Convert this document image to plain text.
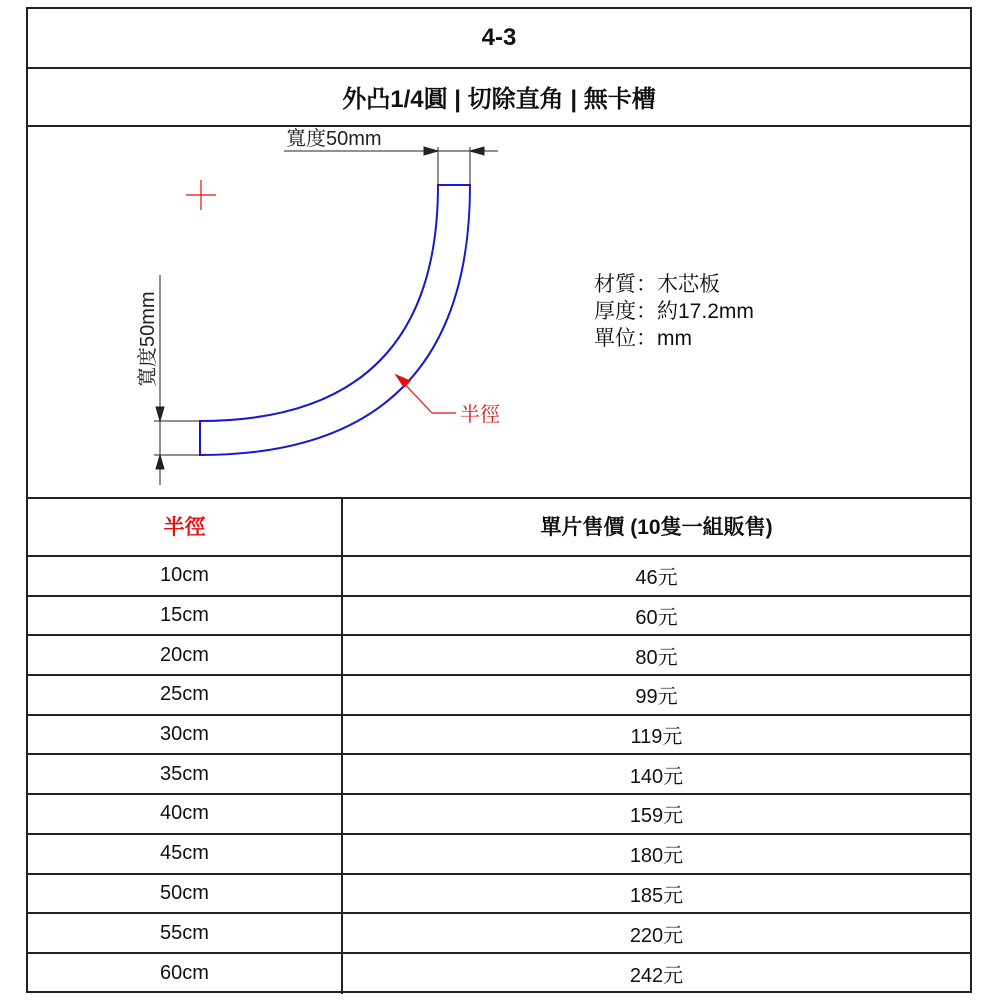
4-3
外凸1/4圓 | 切除直角 | 無卡槽
寬度50mm
寬度50mm
半徑
材質：木芯板
厚度：約17.2mm
單位：mm
半徑	單片售價 (10隻一組販售)
10cm	46元
15cm	60元
20cm	80元
25cm	99元
30cm	119元
35cm	140元
40cm	159元
45cm	180元
50cm	185元
55cm	220元
60cm	242元
